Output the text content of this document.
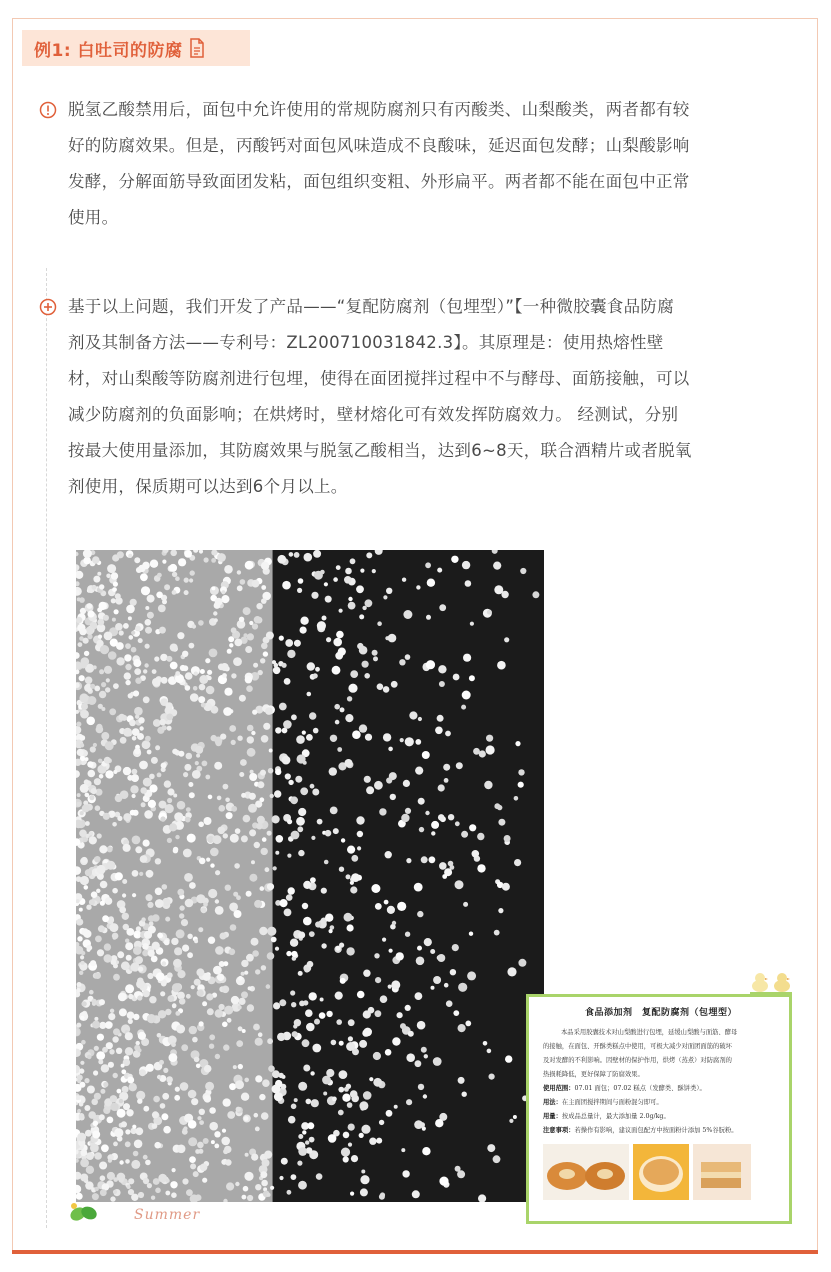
例1: 白吐司的防腐
脱氢乙酸禁用后，面包中允许使用的常规防腐剂只有丙酸类、山梨酸类，两者都有较
好的防腐效果。但是，丙酸钙对面包风味造成不良酸味，延迟面包发酵；山梨酸影响
发酵，分解面筋导致面团发粘，面包组织变粗、外形扁平。两者都不能在面包中正常
使用。
基于以上问题，我们开发了产品——“复配防腐剂（包埋型）”【一种微胶囊食品防腐
剂及其制备方法——专利号：ZL200710031842.3】。其原理是：使用热熔性壁
材，对山梨酸等防腐剂进行包埋，使得在面团搅拌过程中不与酵母、面筋接触，可以
减少防腐剂的负面影响；在烘烤时，壁材熔化可有效发挥防腐效力。 经测试，分别
按最大使用量添加，其防腐效果与脱氢乙酸相当，达到6~8天，联合酒精片或者脱氧
剂使用，保质期可以达到6个月以上。
食品添加剂　复配防腐剂（包埋型）
本品采用胶囊技术对山梨酸进行包埋，延缓山梨酸与面筋、酵母
的接触，在面包、开酥类糕点中使用，可极大减少对面团面筋的破坏
及对发酵的不利影响。因壁材的保护作用，烘烤（蒸煮）对防腐剂的
热损耗降低，更好保障了防腐效果。
使用范围：07.01 面包；07.02 糕点（发酵类、酥饼类）。
用法：在主面团搅拌期间与面粉混匀即可。
用量：按成品总量计，最大添加量 2.0g/kg。
注意事项：若操作有影响，建议面包配方中按面粉计添加 5%谷朊粉。
Summer
